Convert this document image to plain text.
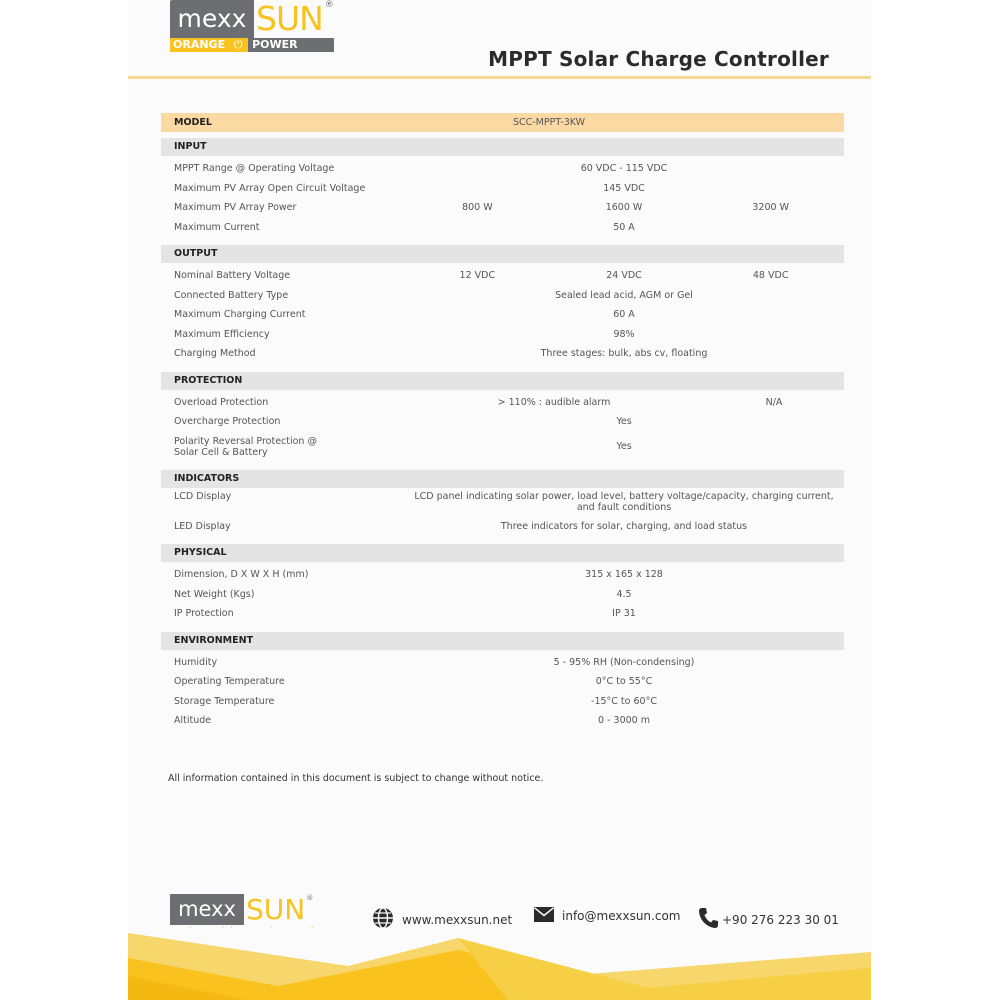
mexx SUN ®
ORANGE ⏻ POWER
MPPT Solar Charge Controller
MODEL	SCC-MPPT-3KW
INPUT
MPPT Range @ Operating Voltage	60 VDC - 115 VDC
Maximum PV Array Open Circuit Voltage	145 VDC
Maximum PV Array Power	800 W	1600 W	3200 W
Maximum Current	50 A
OUTPUT
Nominal Battery Voltage	12 VDC	24 VDC	48 VDC
Connected Battery Type	Sealed lead acid, AGM or Gel
Maximum Charging Current	60 A
Maximum Efficiency	98%
Charging Method	Three stages: bulk, abs cv, floating
PROTECTION
Overload Protection	> 110% : audible alarm	N/A
Overcharge Protection	Yes
Polarity Reversal Protection @
Solar Cell & Battery	Yes
INDICATORS
LCD Display	LCD panel indicating solar power, load level, battery voltage/capacity, charging current,
and fault conditions
LED Display	Three indicators for solar, charging, and load status
PHYSICAL
Dimension, D X W X H (mm)	315 x 165 x 128
Net Weight (Kgs)	4.5
IP Protection	IP 31
ENVIRONMENT
Humidity	5 - 95% RH (Non-condensing)
Operating Temperature	0°C to 55°C
Storage Temperature	-15°C to 60°C
Altitude	0 - 3000 m
All information contained in this document is subject to change without notice.
mexx SUN ®
www.mexxsun.net	info@mexxsun.com	+90 276 223 30 01
